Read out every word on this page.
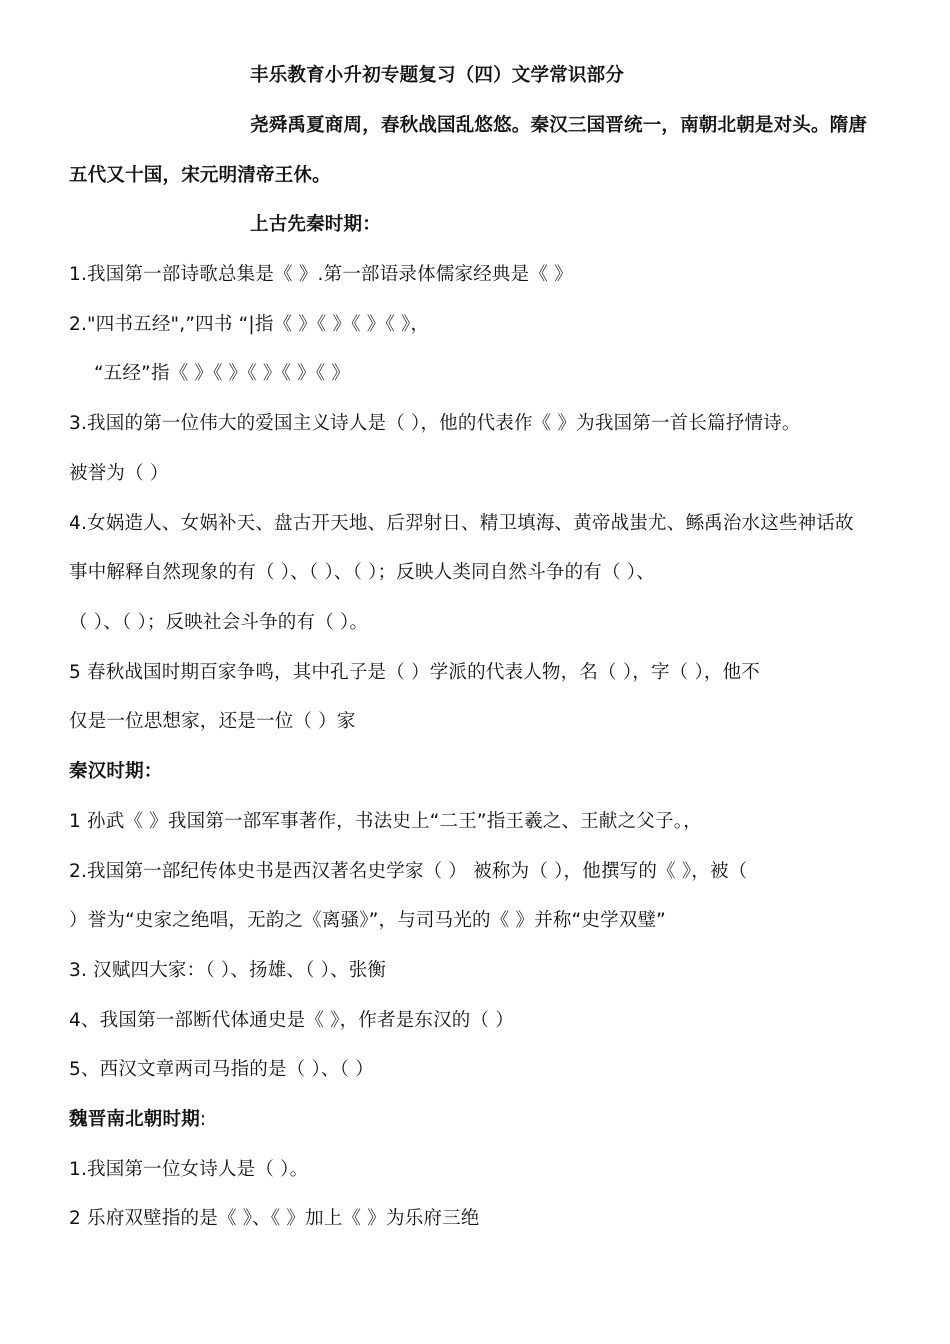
丰乐教育小升初专题复习（四）文学常识部分
尧舜禹夏商周，春秋战国乱悠悠。秦汉三国晋统一，南朝北朝是对头。隋唐
五代又十国，宋元明清帝王休。
上古先秦时期：
1.我国第一部诗歌总集是《 》.第一部语录体儒家经典是《 》
2."四书五经",”四书 “|指《 》《 》《 》《 》，
“五经”指《 》《 》《 》《 》《 》
3.我国的第一位伟大的爱国主义诗人是（ ），他的代表作《 》为我国第一首长篇抒情诗。
被誉为（ ）
4.女娲造人、女娲补天、盘古开天地、后羿射日、精卫填海、黄帝战蚩尤、鲧禹治水这些神话故
事中解释自然现象的有（ ）、（ ）、（ ）；反映人类同自然斗争的有（ ）、
（ ）、（ ）；反映社会斗争的有（ ）。
5 春秋战国时期百家争鸣，其中孔子是（ ）学派的代表人物，名（ ），字（ ），他不
仅是一位思想家，还是一位（ ）家
秦汉时期：
1 孙武《 》我国第一部军事著作，书法史上“二王”指王羲之、王献之父子。，
2.我国第一部纪传体史书是西汉著名史学家（ ） 被称为（ ），他撰写的《 》，被（
）誉为“史家之绝唱，无韵之《离骚》”，与司马光的《 》并称“史学双璧”
3. 汉赋四大家：（ ）、扬雄、（ ）、张衡
4、我国第一部断代体通史是《 》，作者是东汉的（ ）
5、西汉文章两司马指的是（ ）、（ ）
魏晋南北朝时期:
1.我国第一位女诗人是（ ）。
2 乐府双壁指的是《 》、《 》加上《 》为乐府三绝
